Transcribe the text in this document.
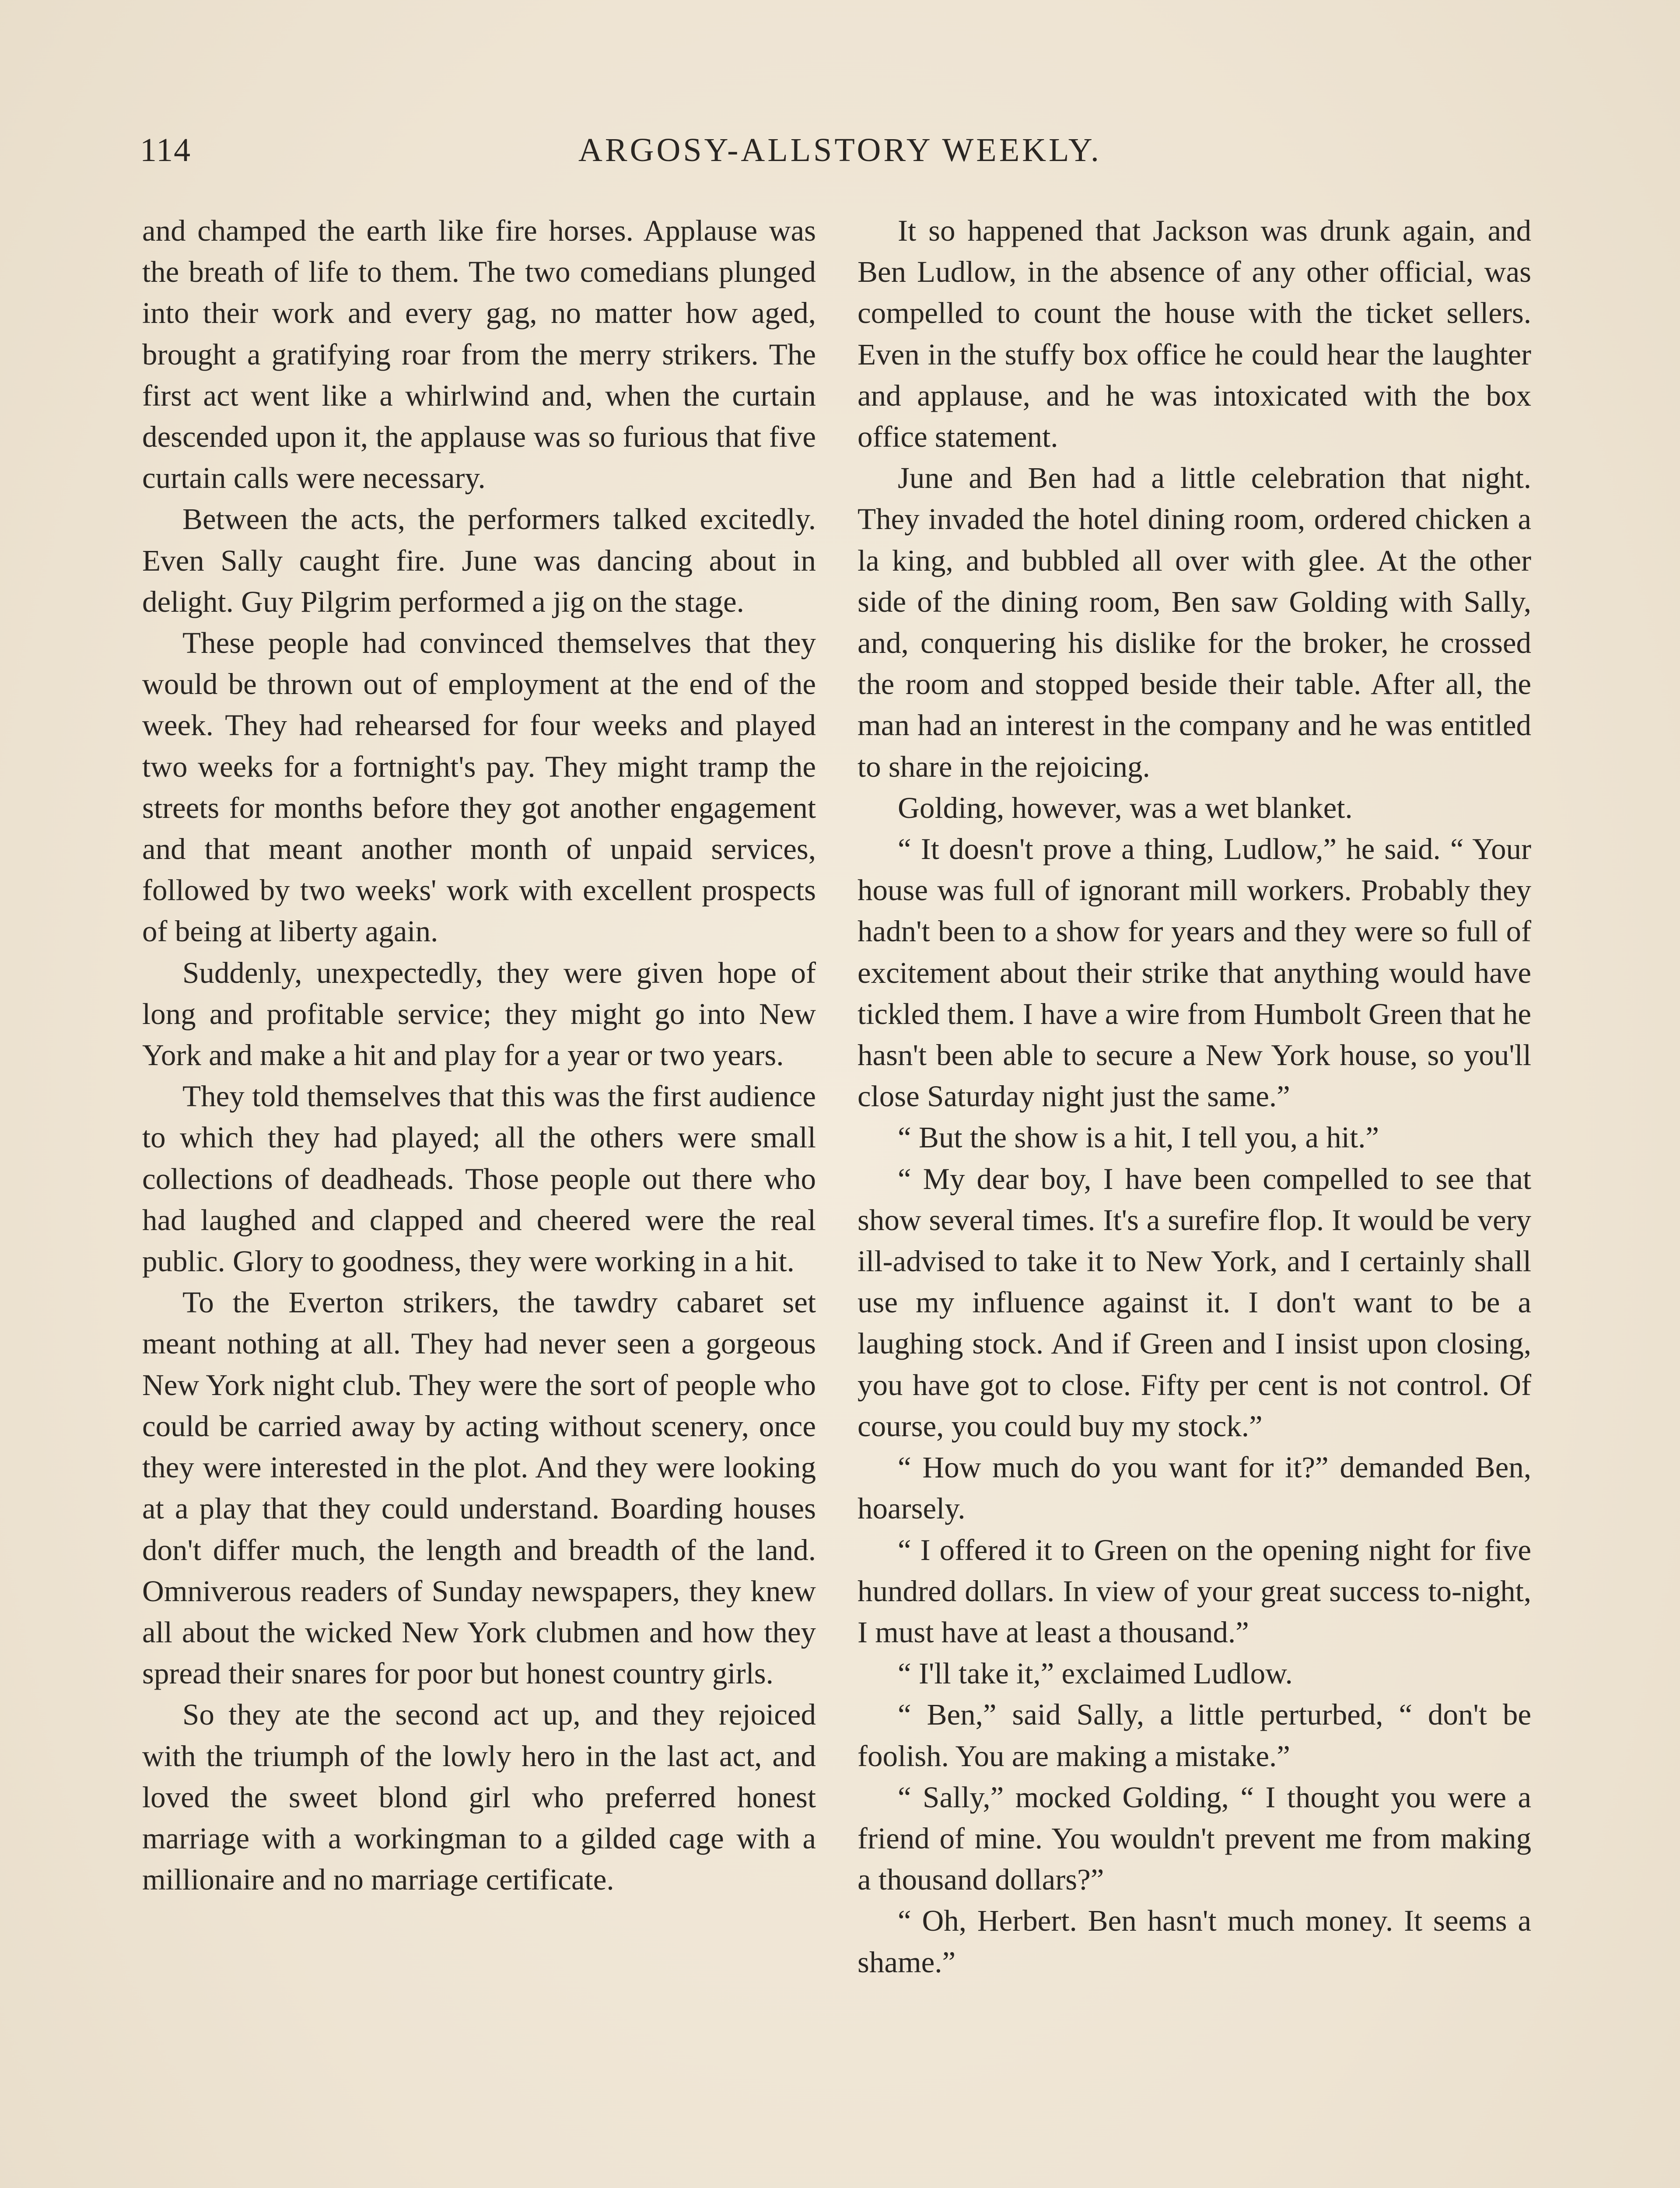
114	ARGOSY-ALLSTORY WEEKLY.

and champed the earth like fire horses. Applause was the breath of life to them. The two comedians plunged into their work and every gag, no matter how aged, brought a gratifying roar from the merry strikers. The first act went like a whirlwind and, when the curtain descended upon it, the applause was so furious that five curtain calls were necessary.

Between the acts, the performers talked excitedly. Even Sally caught fire. June was dancing about in delight. Guy Pilgrim performed a jig on the stage.

These people had convinced themselves that they would be thrown out of employment at the end of the week. They had rehearsed for four weeks and played two weeks for a fortnight's pay. They might tramp the streets for months before they got another engagement and that meant another month of unpaid services, followed by two weeks' work with excellent prospects of being at liberty again.

Suddenly, unexpectedly, they were given hope of long and profitable service; they might go into New York and make a hit and play for a year or two years.

They told themselves that this was the first audience to which they had played; all the others were small collections of deadheads. Those people out there who had laughed and clapped and cheered were the real public. Glory to goodness, they were working in a hit.

To the Everton strikers, the tawdry cabaret set meant nothing at all. They had never seen a gorgeous New York night club. They were the sort of people who could be carried away by acting without scenery, once they were interested in the plot. And they were looking at a play that they could understand. Boarding houses don't differ much, the length and breadth of the land. Omniverous readers of Sunday newspapers, they knew all about the wicked New York clubmen and how they spread their snares for poor but honest country girls.

So they ate the second act up, and they rejoiced with the triumph of the lowly hero in the last act, and loved the sweet blond girl who preferred honest marriage with a workingman to a gilded cage with a millionaire and no marriage certificate.

It so happened that Jackson was drunk again, and Ben Ludlow, in the absence of any other official, was compelled to count the house with the ticket sellers. Even in the stuffy box office he could hear the laughter and applause, and he was intoxicated with the box office statement.

June and Ben had a little celebration that night. They invaded the hotel dining room, ordered chicken a la king, and bubbled all over with glee. At the other side of the dining room, Ben saw Golding with Sally, and, conquering his dislike for the broker, he crossed the room and stopped beside their table. After all, the man had an interest in the company and he was entitled to share in the rejoicing.

Golding, however, was a wet blanket.

“ It doesn't prove a thing, Ludlow,” he said. “ Your house was full of ignorant mill workers. Probably they hadn't been to a show for years and they were so full of excitement about their strike that anything would have tickled them. I have a wire from Humbolt Green that he hasn't been able to secure a New York house, so you'll close Saturday night just the same.”

“ But the show is a hit, I tell you, a hit.”

“ My dear boy, I have been compelled to see that show several times. It's a surefire flop. It would be very ill-advised to take it to New York, and I certainly shall use my influence against it. I don't want to be a laughing stock. And if Green and I insist upon closing, you have got to close. Fifty per cent is not control. Of course, you could buy my stock.”

“ How much do you want for it?” demanded Ben, hoarsely.

“ I offered it to Green on the opening night for five hundred dollars. In view of your great success to-night, I must have at least a thousand.”

“ I'll take it,” exclaimed Ludlow.

“ Ben,” said Sally, a little perturbed, “ don't be foolish. You are making a mistake.”

“ Sally,” mocked Golding, “ I thought you were a friend of mine. You wouldn't prevent me from making a thousand dollars?”

“ Oh, Herbert. Ben hasn't much money. It seems a shame.”
